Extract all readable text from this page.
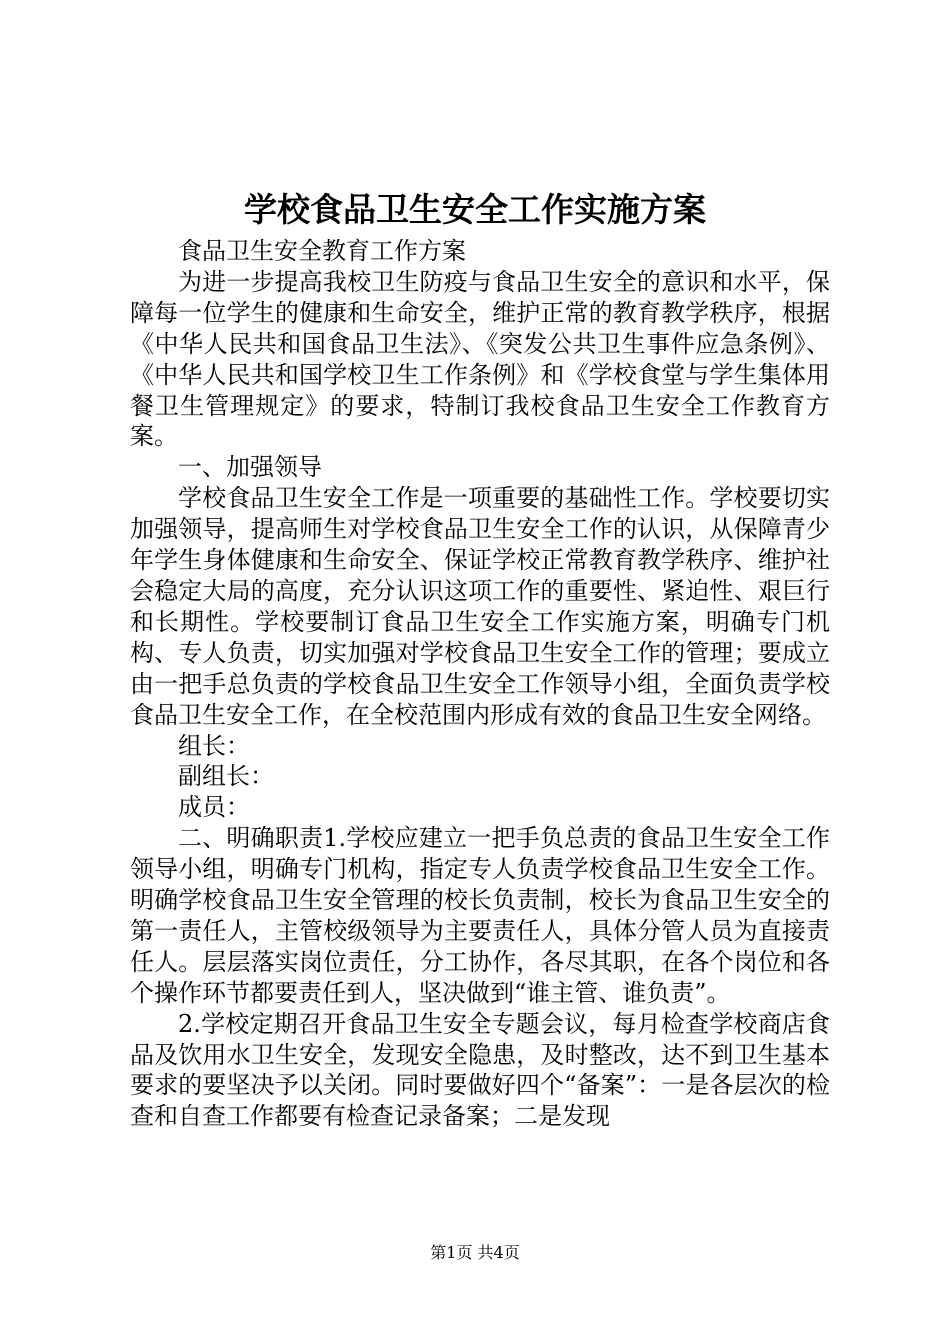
学校食品卫生安全工作实施方案

食品卫生安全教育工作方案

为进一步提高我校卫生防疫与食品卫生安全的意识和水平，保障每一位学生的健康和生命安全，维护正常的教育教学秩序，根据《中华人民共和国食品卫生法》、《突发公共卫生事件应急条例》、《中华人民共和国学校卫生工作条例》和《学校食堂与学生集体用餐卫生管理规定》的要求，特制订我校食品卫生安全工作教育方案。

一、加强领导

学校食品卫生安全工作是一项重要的基础性工作。学校要切实加强领导，提高师生对学校食品卫生安全工作的认识，从保障青少年学生身体健康和生命安全、保证学校正常教育教学秩序、维护社会稳定大局的高度，充分认识这项工作的重要性、紧迫性、艰巨行和长期性。学校要制订食品卫生安全工作实施方案，明确专门机构、专人负责，切实加强对学校食品卫生安全工作的管理；要成立由一把手总负责的学校食品卫生安全工作领导小组，全面负责学校食品卫生安全工作，在全校范围内形成有效的食品卫生安全网络。

组长：

副组长：

成员：

二、明确职责1.学校应建立一把手负总责的食品卫生安全工作领导小组，明确专门机构，指定专人负责学校食品卫生安全工作。明确学校食品卫生安全管理的校长负责制，校长为食品卫生安全的第一责任人，主管校级领导为主要责任人，具体分管人员为直接责任人。层层落实岗位责任，分工协作，各尽其职，在各个岗位和各个操作环节都要责任到人，坚决做到“谁主管、谁负责”。

2.学校定期召开食品卫生安全专题会议，每月检查学校商店食品及饮用水卫生安全，发现安全隐患，及时整改，达不到卫生基本要求的要坚决予以关闭。同时要做好四个“备案”：一是各层次的检查和自查工作都要有检查记录备案；二是发现

第1页 共4页
